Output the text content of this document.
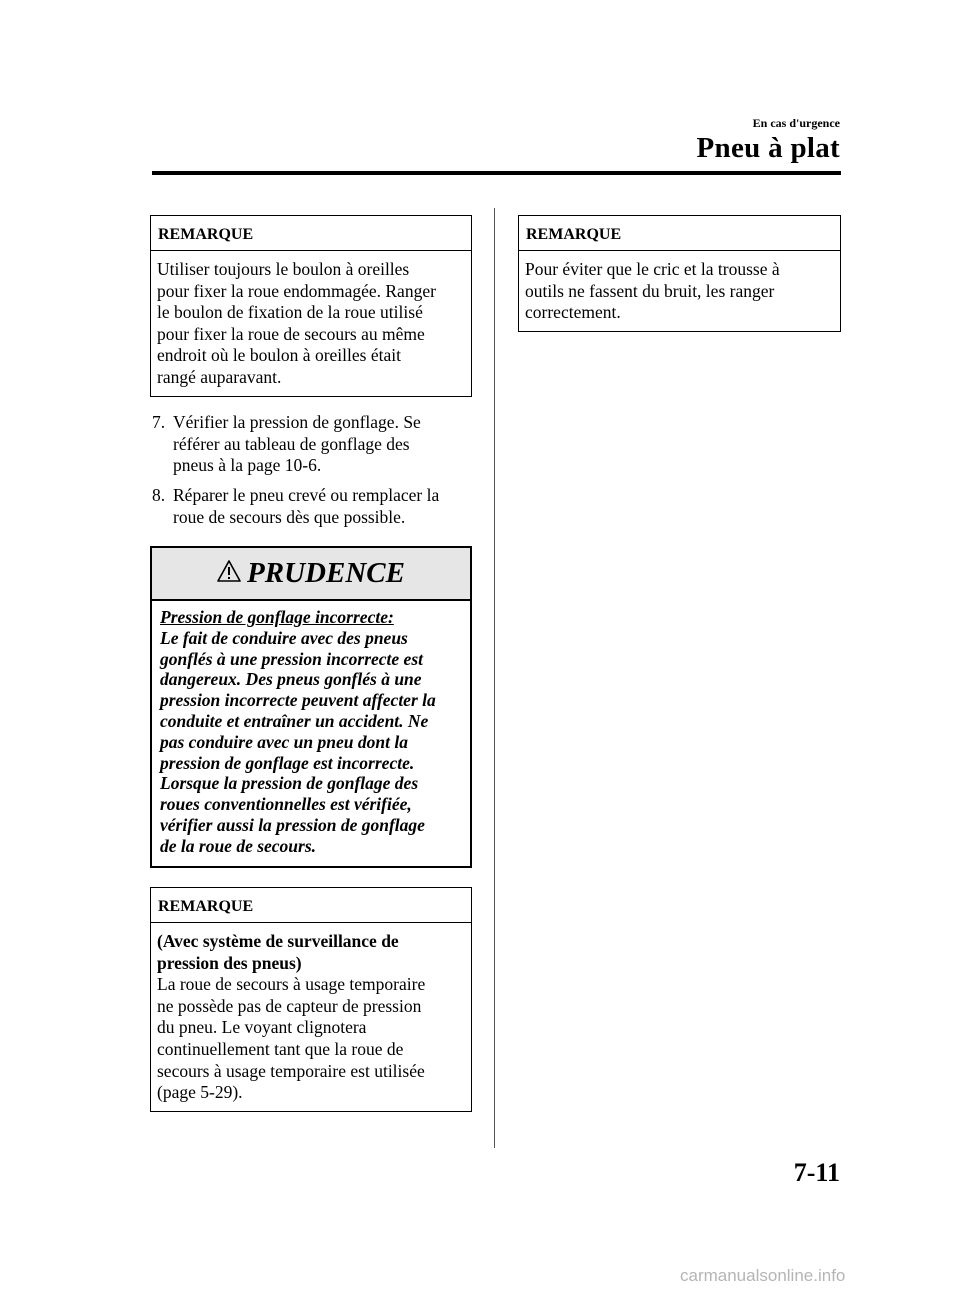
En cas d'urgence
Pneu à plat
REMARQUE
Utiliser toujours le boulon à oreilles
pour fixer la roue endommagée. Ranger
le boulon de fixation de la roue utilisé
pour fixer la roue de secours au même
endroit où le boulon à oreilles était
rangé auparavant.
7. Vérifier la pression de gonflage. Se
référer au tableau de gonflage des
pneus à la page 10-6.
8. Réparer le pneu crevé ou remplacer la
roue de secours dès que possible.
PRUDENCE
Pression de gonflage incorrecte:
Le fait de conduire avec des pneus
gonflés à une pression incorrecte est
dangereux. Des pneus gonflés à une
pression incorrecte peuvent affecter la
conduite et entraîner un accident. Ne
pas conduire avec un pneu dont la
pression de gonflage est incorrecte.
Lorsque la pression de gonflage des
roues conventionnelles est vérifiée,
vérifier aussi la pression de gonflage
de la roue de secours.
REMARQUE
(Avec système de surveillance de
pression des pneus)
La roue de secours à usage temporaire
ne possède pas de capteur de pression
du pneu. Le voyant clignotera
continuellement tant que la roue de
secours à usage temporaire est utilisée
(page 5-29).
REMARQUE
Pour éviter que le cric et la trousse à
outils ne fassent du bruit, les ranger
correctement.
7-11
carmanualsonline.info
